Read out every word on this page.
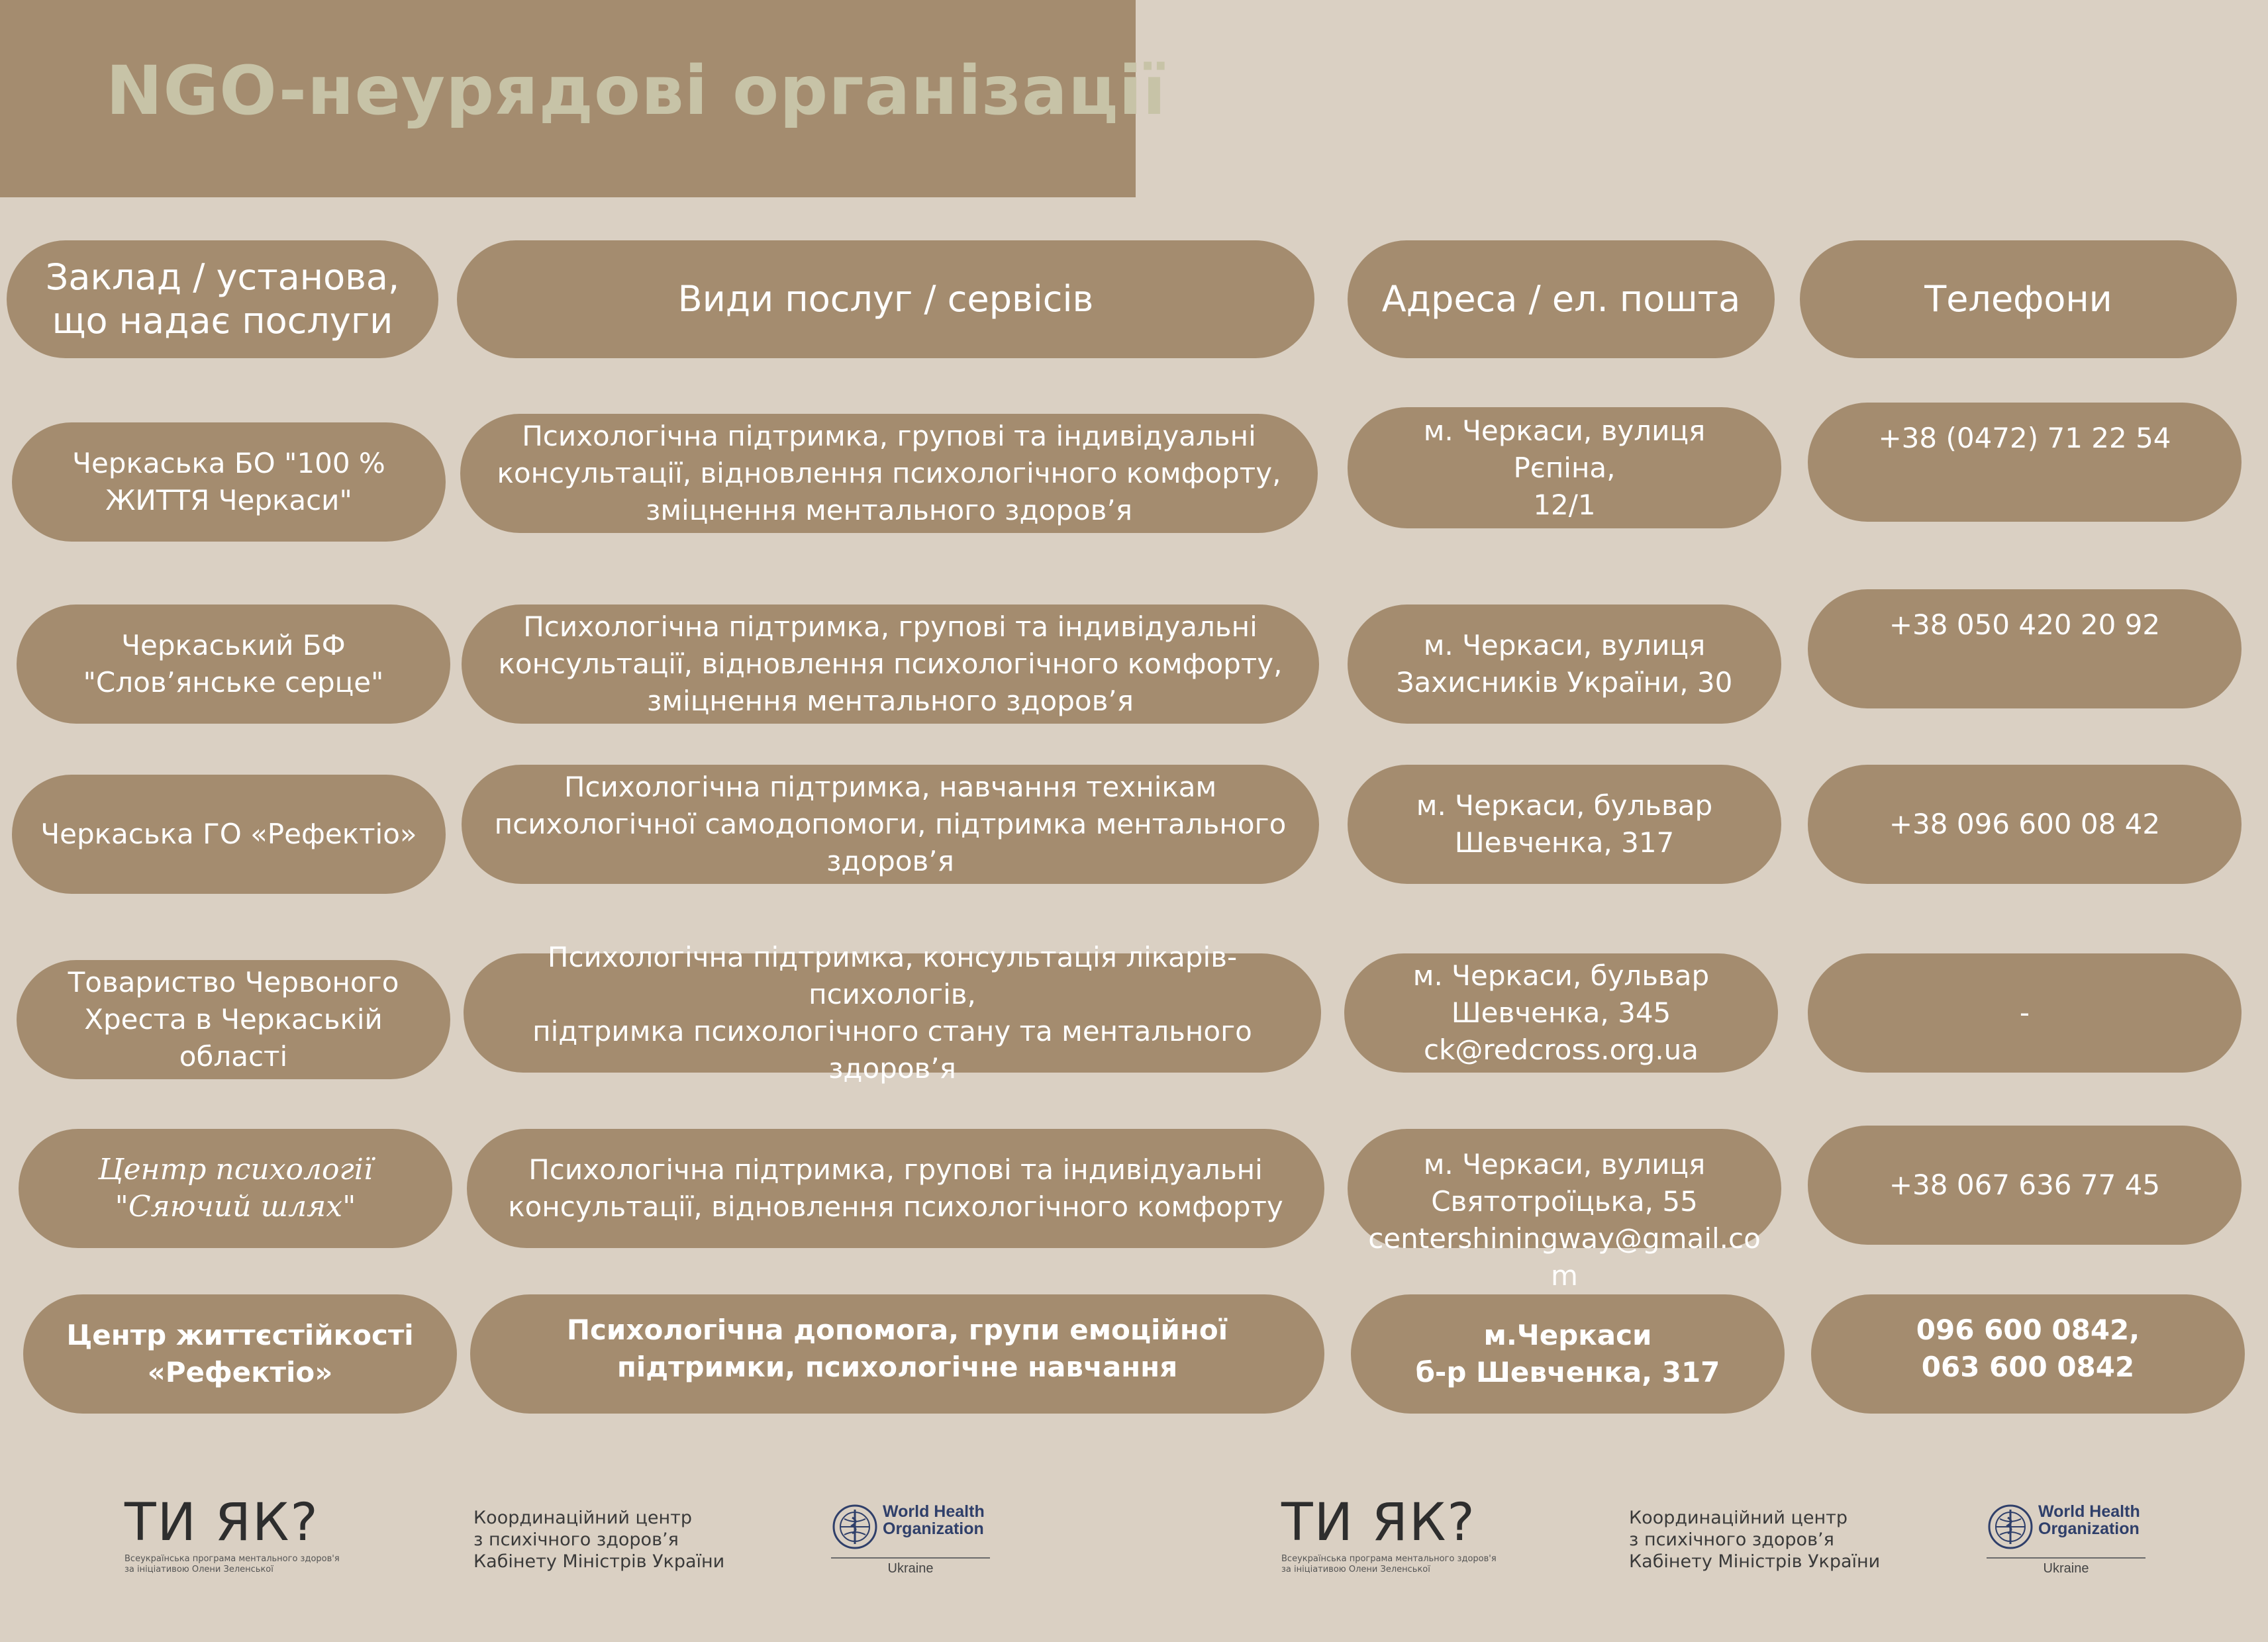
NGO-неурядові організації
Заклад / установа,
що надає послуги
Види послуг / сервісів	Адреса / ел. пошта	Телефони
Черкаська БО "100 %
ЖИТТЯ Черкаси"
Психологічна підтримка, групові та індивідуальні
консультації, відновлення психологічного комфорту,
зміцнення ментального здоров’я
м. Черкаси, вулиця Рєпіна,
12/1
+38 (0472) 71 22 54
Черкаський БФ
"Словʼянське серце"
Психологічна підтримка, групові та індивідуальні
консультації, відновлення психологічного комфорту,
зміцнення ментального здоров’я
м. Черкаси, вулиця
Захисників України, 30
+38 050 420 20 92
Черкаська ГО «Рефектіо»
Психологічна підтримка, навчання технікам
психологічної самодопомоги, підтримка ментального
здоров’я
м. Черкаси, бульвар
Шевченка, 317
+38 096 600 08 42
Товариство Червоного
Хреста в Черкаській
області
Психологічна підтримка, консультація лікарів-психологів,
підтримка психологічного стану та ментального здоров’я
м. Черкаси, бульвар
Шевченка, 345
ck@redcross.org.ua
-
Центр психології
"Сяючий шлях"
Психологічна підтримка, групові та індивідуальні
консультації, відновлення психологічного комфорту
м. Черкаси, вулиця
Святотроїцька, 55
centershiningway@gmail.co
m
+38 067 636 77 45
Центр життєстійкості
«Рефектіо»
Психологічна допомога, групи емоційної
підтримки, психологічне навчання
м.Черкаси
б-р Шевченка, 317
096 600 0842,
063 600 0842
ТИ ЯК?
Всеукраїнська програма ментального здоров'я
за ініціативою Олени Зеленської
Координаційний центр
з психічного здоров’я
Кабінету Міністрів України
World Health
Organization
Ukraine
ТИ ЯК?
Всеукраїнська програма ментального здоров'я
за ініціативою Олени Зеленської
Координаційний центр
з психічного здоров’я
Кабінету Міністрів України
World Health
Organization
Ukraine
